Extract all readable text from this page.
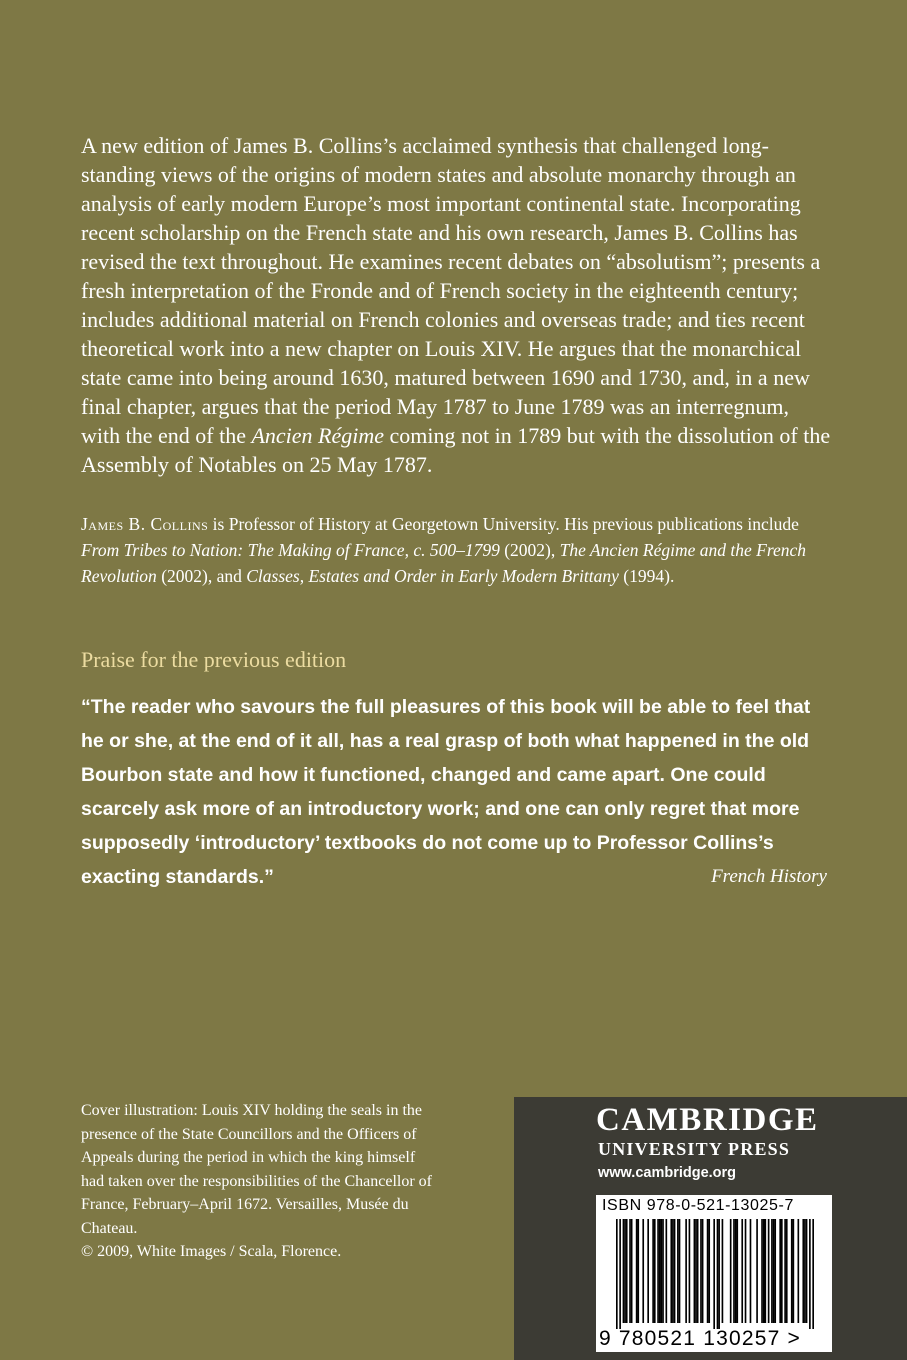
A new edition of James B. Collins’s acclaimed synthesis that challenged long-standing views of the origins of modern states and absolute monarchy through an analysis of early modern Europe’s most important continental state. Incorporating recent scholarship on the French state and his own research, James B. Collins has revised the text throughout. He examines recent debates on “absolutism”; presents a fresh interpretation of the Fronde and of French society in the eighteenth century; includes additional material on French colonies and overseas trade; and ties recent theoretical work into a new chapter on Louis XIV. He argues that the monarchical state came into being around 1630, matured between 1690 and 1730, and, in a new final chapter, argues that the period May 1787 to June 1789 was an interregnum, with the end of the Ancien Régime coming not in 1789 but with the dissolution of the Assembly of Notables on 25 May 1787.

James B. Collins is Professor of History at Georgetown University. His previous publications include From Tribes to Nation: The Making of France, c. 500–1799 (2002), The Ancien Régime and the French Revolution (2002), and Classes, Estates and Order in Early Modern Brittany (1994).

Praise for the previous edition

“The reader who savours the full pleasures of this book will be able to feel that he or she, at the end of it all, has a real grasp of both what happened in the old Bourbon state and how it functioned, changed and came apart. One could scarcely ask more of an introductory work; and one can only regret that more supposedly ‘introductory’ textbooks do not come up to Professor Collins’s exacting standards.”	French History

Cover illustration: Louis XIV holding the seals in the presence of the State Councillors and the Officers of Appeals during the period in which the king himself had taken over the responsibilities of the Chancellor of France, February–April 1672. Versailles, Musée du Chateau.
© 2009, White Images / Scala, Florence.

CAMBRIDGE
UNIVERSITY PRESS
www.cambridge.org
ISBN 978-0-521-13025-7
9 780521 130257 >
